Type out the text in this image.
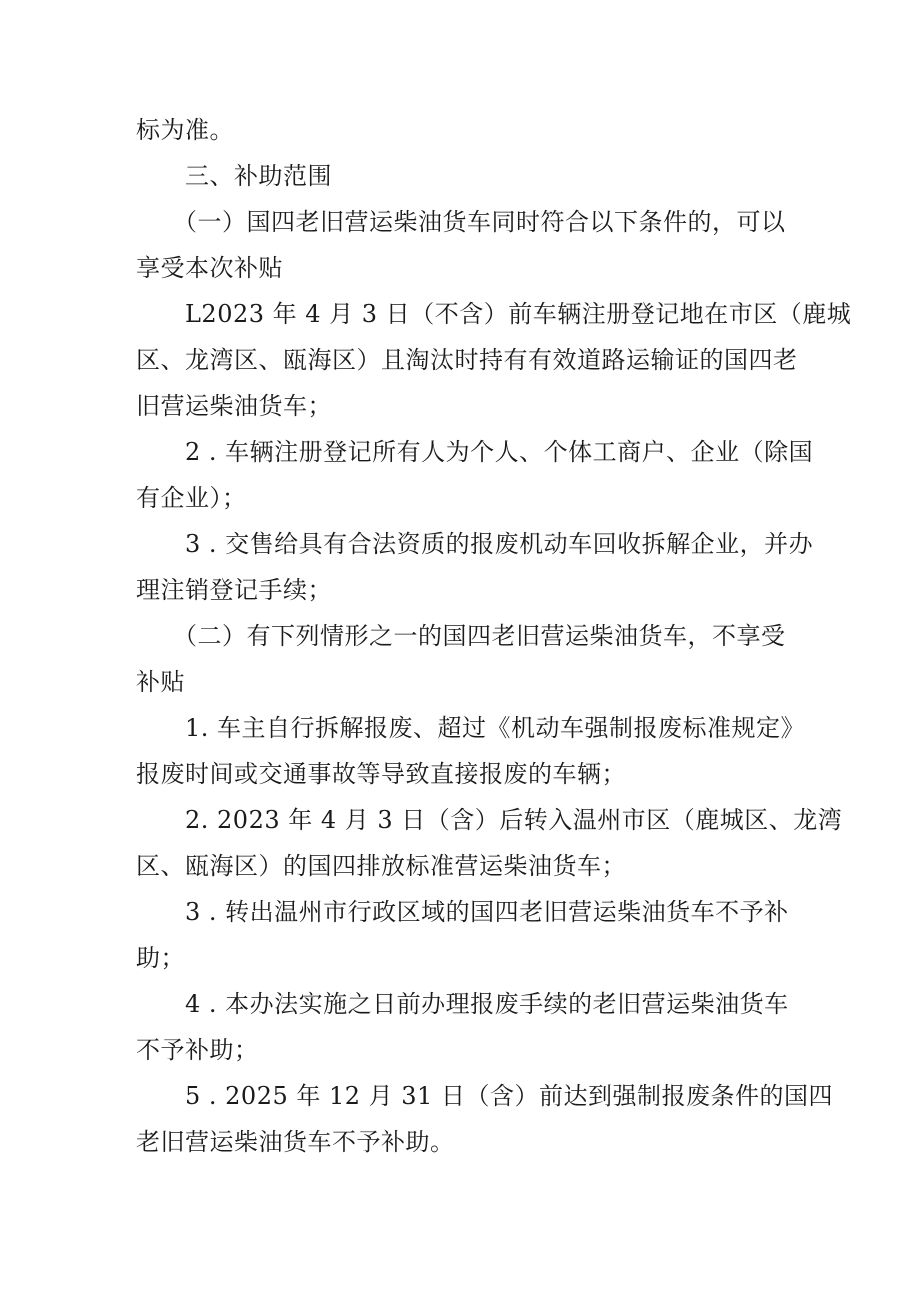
标为准。

　　三、补助范围

　　（一）国四老旧营运柴油货车同时符合以下条件的，可以
享受本次补贴

　　L2023 年 4 月 3 日（不含）前车辆注册登记地在市区（鹿城
区、龙湾区、瓯海区）且淘汰时持有有效道路运输证的国四老
旧营运柴油货车；

　　2 . 车辆注册登记所有人为个人、个体工商户、企业（除国
有企业）；

　　3 . 交售给具有合法资质的报废机动车回收拆解企业，并办
理注销登记手续；

　　（二）有下列情形之一的国四老旧营运柴油货车，不享受
补贴

　　1. 车主自行拆解报废、超过《机动车强制报废标准规定》
报废时间或交通事故等导致直接报废的车辆；

　　2. 2023 年 4 月 3 日（含）后转入温州市区（鹿城区、龙湾
区、瓯海区）的国四排放标准营运柴油货车；

　　3 . 转出温州市行政区域的国四老旧营运柴油货车不予补
助；

　　4 . 本办法实施之日前办理报废手续的老旧营运柴油货车
不予补助；

　　5 . 2025 年 12 月 31 日（含）前达到强制报废条件的国四
老旧营运柴油货车不予补助。
